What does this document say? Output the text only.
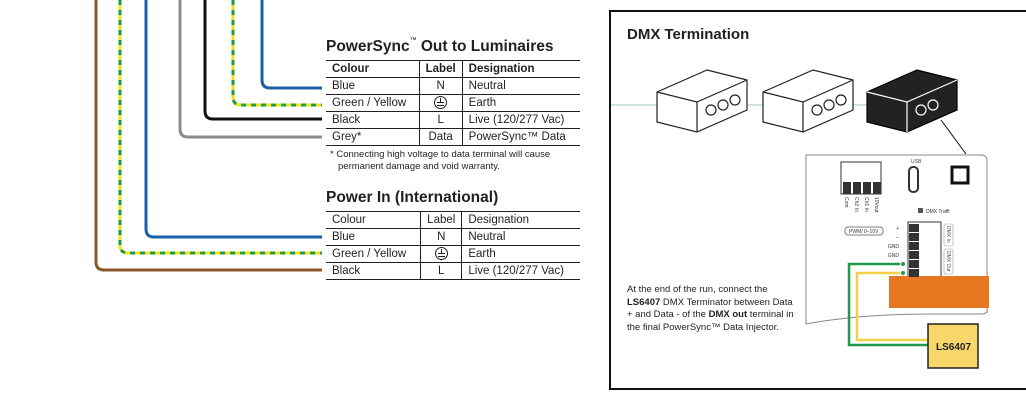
PowerSync™ Out to Luminaires
Colour	Label	Designation
Blue	N	Neutral
Green / Yellow		Earth
Black	L	Live (120/277 Vac)
Grey*	Data	PowerSync™ Data
* Connecting high voltage to data terminal will cause
permanent damage and void warranty.
Power In (International)
Colour	Label	Designation
Blue	N	Neutral
Green / Yellow		Earth
Black	L	Live (120/277 Vac)
Com Ch2 In Ch1 In 10Vout
USB
PWM/ 0–10V
DMX Traffi
+
–
GND
GND
+
–
DMX In
DMX Out
LS6407
DMX Termination
At the end of the run, connect the LS6407 DMX Terminator between Data + and Data - of the DMX out terminal in the final PowerSync™ Data Injector.
